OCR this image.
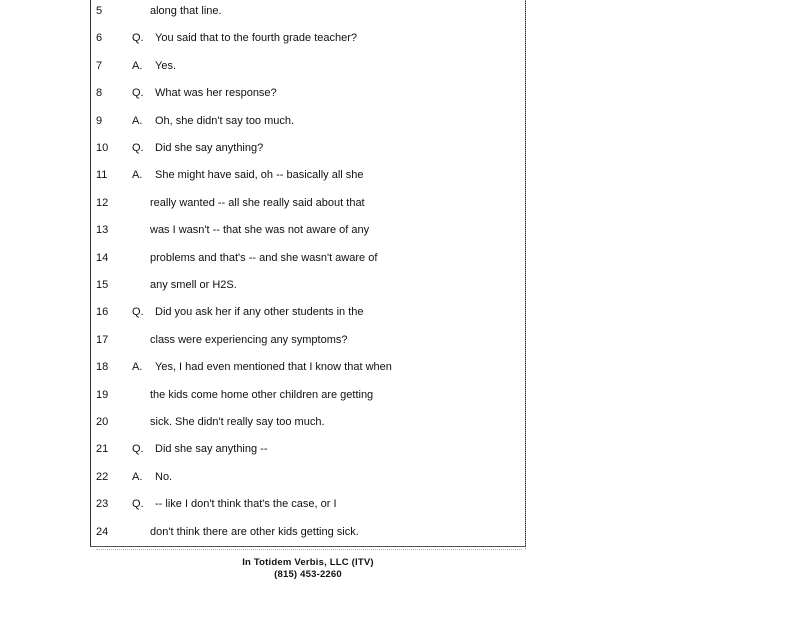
5	along that line.
6	Q. You said that to the fourth grade teacher?
7	A. Yes.
8	Q. What was her response?
9	A. Oh, she didn't say too much.
10	Q. Did she say anything?
11	A. She might have said, oh -- basically all she
12	really wanted -- all she really said about that
13	was I wasn't -- that she was not aware of any
14	problems and that's -- and she wasn't aware of
15	any smell or H2S.
16	Q. Did you ask her if any other students in the
17	class were experiencing any symptoms?
18	A. Yes, I had even mentioned that I know that when
19	the kids come home other children are getting
20	sick. She didn't really say too much.
21	Q. Did she say anything --
22	A. No.
23	Q. -- like I don't think that's the case, or I
24	don't think there are other kids getting sick.
In Totidem Verbis, LLC (ITV)
(815) 453-2260
